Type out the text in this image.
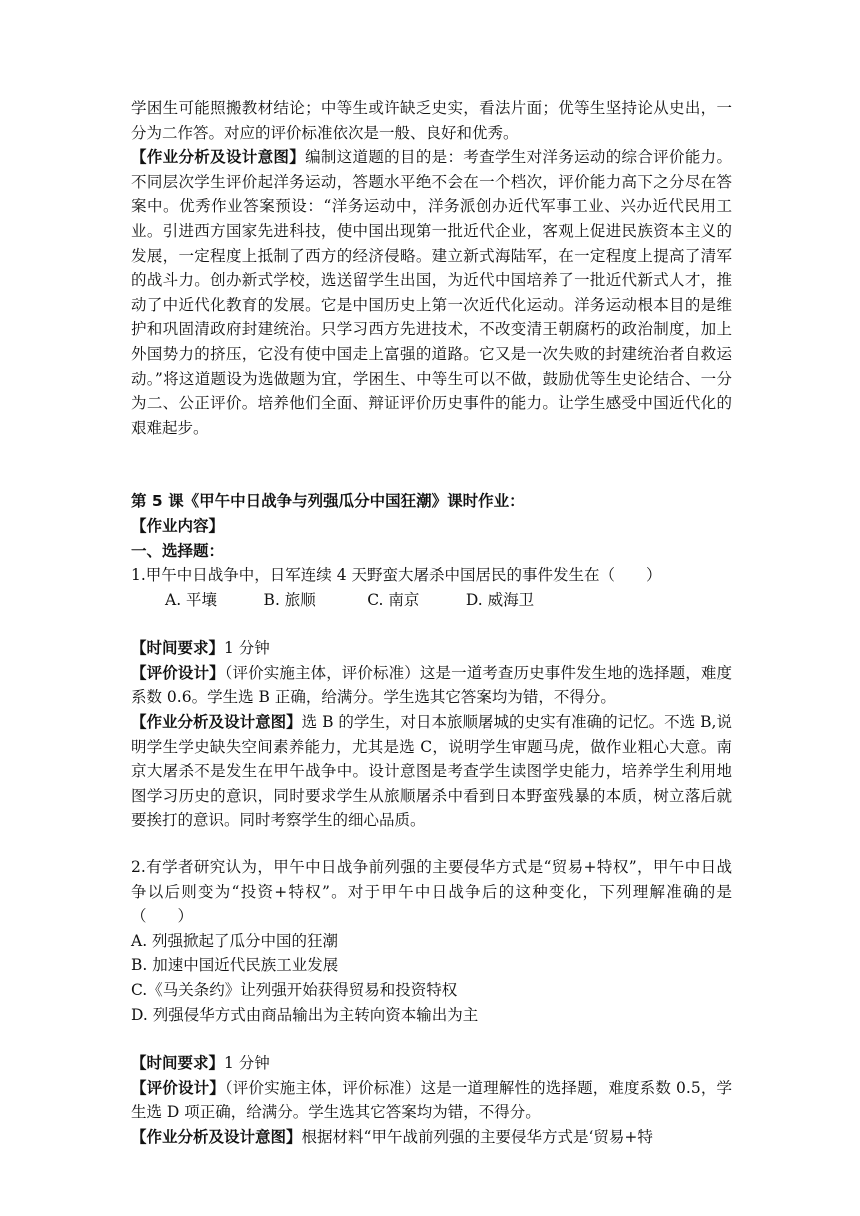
学困生可能照搬教材结论；中等生或许缺乏史实，看法片面；优等生坚持论从史出，一分为二作答。对应的评价标准依次是一般、良好和优秀。

【作业分析及设计意图】编制这道题的目的是：考查学生对洋务运动的综合评价能力。不同层次学生评价起洋务运动，答题水平绝不会在一个档次，评价能力高下之分尽在答案中。优秀作业答案预设：“洋务运动中，洋务派创办近代军事工业、兴办近代民用工业。引进西方国家先进科技，使中国出现第一批近代企业，客观上促进民族资本主义的发展，一定程度上抵制了西方的经济侵略。建立新式海陆军，在一定程度上提高了清军的战斗力。创办新式学校，选送留学生出国，为近代中国培养了一批近代新式人才，推动了中近代化教育的发展。它是中国历史上第一次近代化运动。洋务运动根本目的是维护和巩固清政府封建统治。只学习西方先进技术，不改变清王朝腐朽的政治制度，加上外国势力的挤压，它没有使中国走上富强的道路。它又是一次失败的封建统治者自救运动。”将这道题设为选做题为宜，学困生、中等生可以不做，鼓励优等生史论结合、一分为二、公正评价。培养他们全面、辩证评价历史事件的能力。让学生感受中国近代化的艰难起步。

第 5 课《甲午中日战争与列强瓜分中国狂潮》课时作业：

【作业内容】

一、选择题：

1.甲午中日战争中，日军连续 4 天野蛮大屠杀中国居民的事件发生在（　　）

A. 平壤　　　B. 旅顺　　　 C. 南京　　　D. 威海卫

【时间要求】1 分钟

【评价设计】（评价实施主体，评价标准）这是一道考查历史事件发生地的选择题，难度系数 0.6。学生选 B 正确，给满分。学生选其它答案均为错，不得分。

【作业分析及设计意图】选 B 的学生，对日本旅顺屠城的史实有准确的记忆。不选 B,说明学生学史缺失空间素养能力，尤其是选 C，说明学生审题马虎，做作业粗心大意。南京大屠杀不是发生在甲午战争中。设计意图是考查学生读图学史能力，培养学生利用地图学习历史的意识，同时要求学生从旅顺屠杀中看到日本野蛮残暴的本质，树立落后就要挨打的意识。同时考察学生的细心品质。

2.有学者研究认为，甲午中日战争前列强的主要侵华方式是“贸易+特权”，甲午中日战争以后则变为“投资+特权”。对于甲午中日战争后的这种变化，下列理解准确的是（　　）

A. 列强掀起了瓜分中国的狂潮

B. 加速中国近代民族工业发展

C.《马关条约》让列强开始获得贸易和投资特权

D. 列强侵华方式由商品输出为主转向资本输出为主

【时间要求】1 分钟

【评价设计】（评价实施主体，评价标准）这是一道理解性的选择题，难度系数 0.5，学生选 D 项正确，给满分。学生选其它答案均为错，不得分。

【作业分析及设计意图】根据材料“甲午战前列强的主要侵华方式是‘贸易+特
